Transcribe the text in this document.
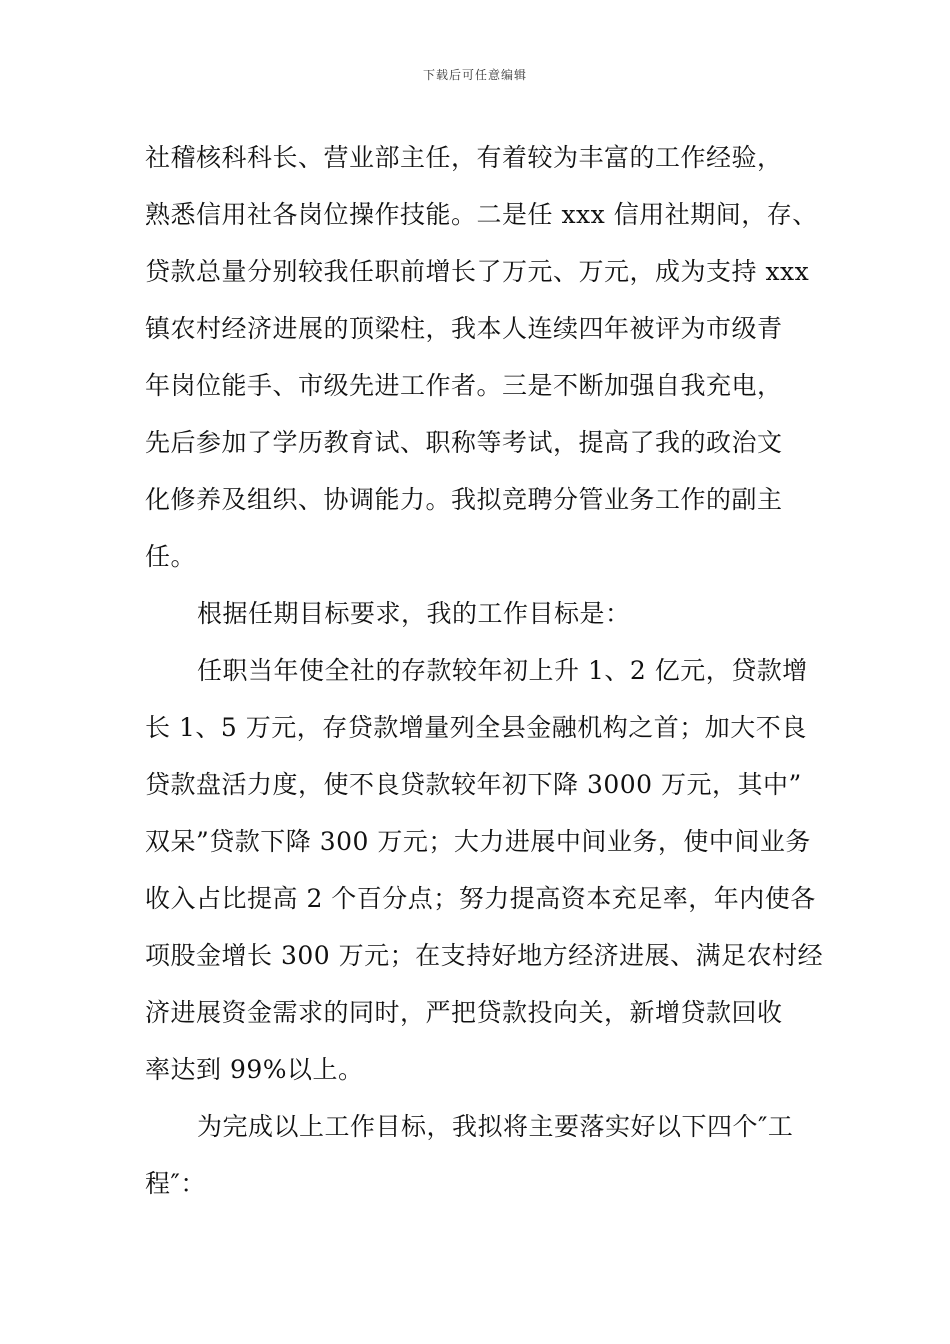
下载后可任意编辑
社稽核科科长、营业部主任，有着较为丰富的工作经验，
熟悉信用社各岗位操作技能。二是任 xxx 信用社期间，存、
贷款总量分别较我任职前增长了万元、万元，成为支持 xxx
镇农村经济进展的顶梁柱，我本人连续四年被评为市级青
年岗位能手、市级先进工作者。三是不断加强自我充电，
先后参加了学历教育试、职称等考试，提高了我的政治文
化修养及组织、协调能力。我拟竞聘分管业务工作的副主
任。
根据任期目标要求，我的工作目标是：
任职当年使全社的存款较年初上升 1、2 亿元，贷款增
长 1、5 万元，存贷款增量列全县金融机构之首；加大不良
贷款盘活力度，使不良贷款较年初下降 3000 万元，其中”
双呆”贷款下降 300 万元；大力进展中间业务，使中间业务
收入占比提高 2 个百分点；努力提高资本充足率，年内使各
项股金增长 300 万元；在支持好地方经济进展、满足农村经
济进展资金需求的同时，严把贷款投向关，新增贷款回收
率达到 99%以上。
为完成以上工作目标，我拟将主要落实好以下四个″工
程″：
